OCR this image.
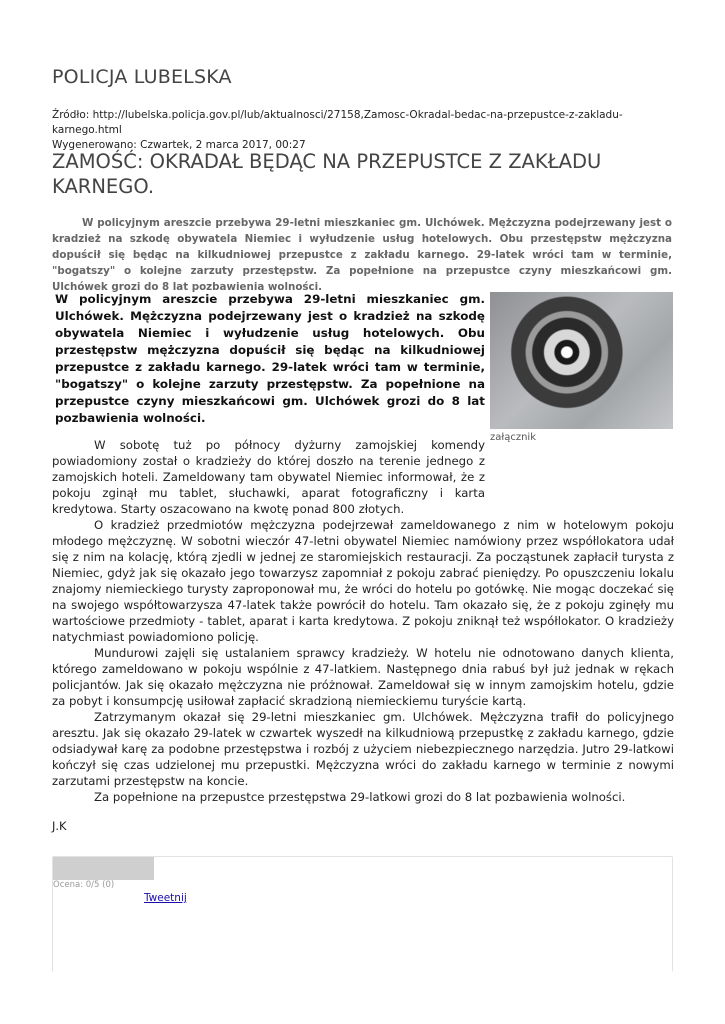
POLICJA LUBELSKA
Źródło: http://lubelska.policja.gov.pl/lub/aktualnosci/27158,Zamosc-Okradal-bedac-na-przepustce-z-zakladu-karnego.html
Wygenerowano: Czwartek, 2 marca 2017, 00:27
ZAMOŚĆ: OKRADAŁ BĘDĄC NA PRZEPUSTCE Z ZAKŁADU KARNEGO.

W policyjnym areszcie przebywa 29-letni mieszkaniec gm. Ulchówek. Mężczyzna podejrzewany jest o kradzież na szkodę obywatela Niemiec i wyłudzenie usług hotelowych. Obu przestępstw mężczyzna dopuścił się będąc na kilkudniowej przepustce z zakładu karnego. 29-latek wróci tam w terminie, "bogatszy" o kolejne zarzuty przestępstw. Za popełnione na przepustce czyny mieszkańcowi gm. Ulchówek grozi do 8 lat pozbawienia wolności.

W policyjnym areszcie przebywa 29-letni mieszkaniec gm. Ulchówek. Mężczyzna podejrzewany jest o kradzież na szkodę obywatela Niemiec i wyłudzenie usług hotelowych. Obu przestępstw mężczyzna dopuścił się będąc na kilkudniowej przepustce z zakładu karnego. 29-latek wróci tam w terminie, "bogatszy" o kolejne zarzuty przestępstw. Za popełnione na przepustce czyny mieszkańcowi gm. Ulchówek grozi do 8 lat pozbawienia wolności.

załącznik

W sobotę tuż po północy dyżurny zamojskiej komendy powiadomiony został o kradzieży do której doszło na terenie jednego z zamojskich hoteli. Zameldowany tam obywatel Niemiec informował, że z pokoju zginął mu tablet, słuchawki, aparat fotograficzny i karta kredytowa. Starty oszacowano na kwotę ponad 800 złotych.

O kradzież przedmiotów mężczyzna podejrzewał zameldowanego z nim w hotelowym pokoju młodego mężczyznę. W sobotni wieczór 47-letni obywatel Niemiec namówiony przez współlokatora udał się z nim na kolację, którą zjedli w jednej ze staromiejskich restauracji. Za począstunek zapłacił turysta z Niemiec, gdyż jak się okazało jego towarzysz zapomniał z pokoju zabrać pieniędzy. Po opuszczeniu lokalu znajomy niemieckiego turysty zaproponował mu, że wróci do hotelu po gotówkę. Nie mogąc doczekać się na swojego współtowarzysza 47-latek także powrócił do hotelu. Tam okazało się, że z pokoju zginęły mu wartościowe przedmioty - tablet, aparat i karta kredytowa. Z pokoju zniknął też współlokator. O kradzieży natychmiast powiadomiono policję.

Mundurowi zajęli się ustalaniem sprawcy kradzieży. W hotelu nie odnotowano danych klienta, którego zameldowano w pokoju wspólnie z 47-latkiem. Następnego dnia rabuś był już jednak w rękach policjantów. Jak się okazało mężczyzna nie próżnował. Zameldował się w innym zamojskim hotelu, gdzie za pobyt i konsumpcję usiłował zapłacić skradzioną niemieckiemu turyście kartą.

Zatrzymanym okazał się 29-letni mieszkaniec gm. Ulchówek. Mężczyzna trafił do policyjnego aresztu. Jak się okazało 29-latek w czwartek wyszedł na kilkudniową przepustkę z zakładu karnego, gdzie odsiadywał karę za podobne przestępstwa i rozbój z użyciem niebezpiecznego narzędzia. Jutro 29-latkowi kończył się czas udzielonej mu przepustki. Mężczyzna wróci do zakładu karnego w terminie z nowymi zarzutami przestępstw na koncie.

Za popełnione na przepustce przestępstwa 29-latkowi grozi do 8 lat pozbawienia wolności.

J.K
Ocena: 0/5 (0)
Tweetnij
